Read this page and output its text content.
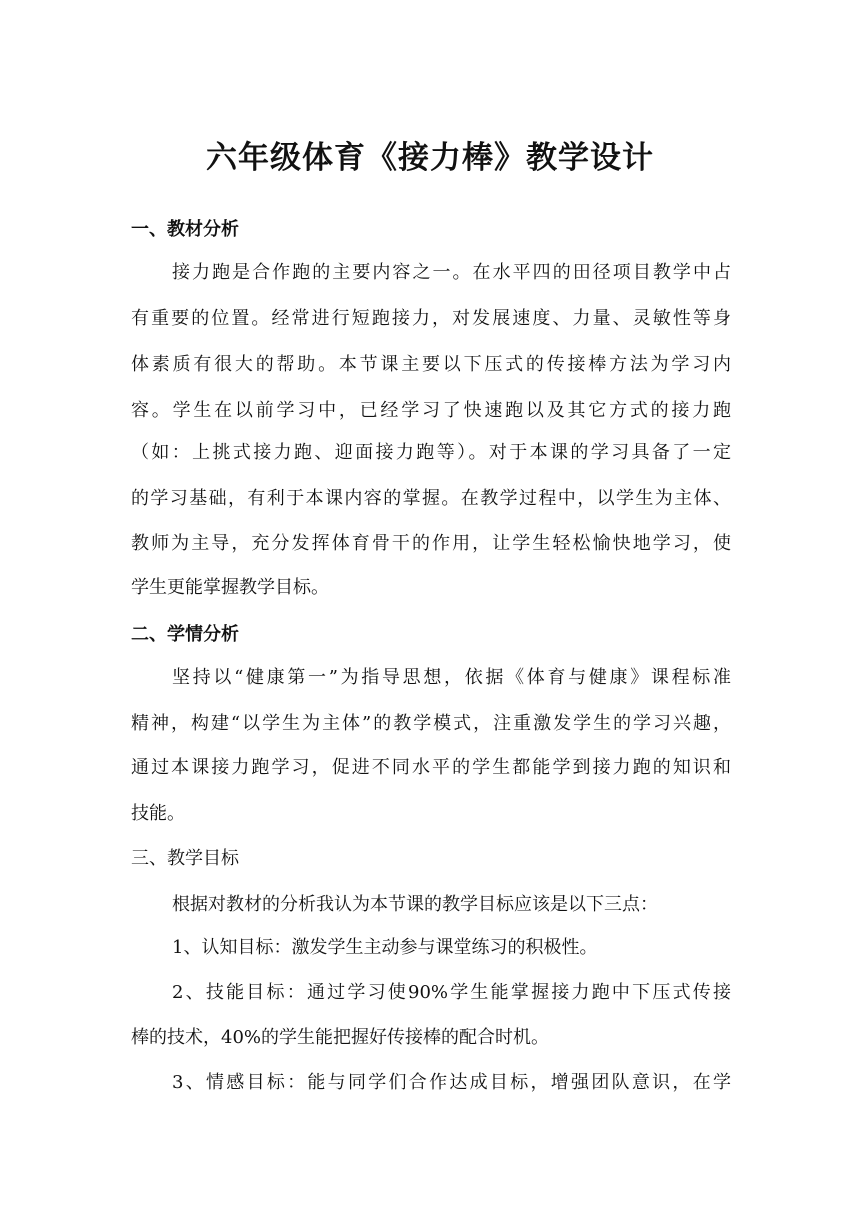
六年级体育《接力棒》教学设计
一、教材分析
接力跑是合作跑的主要内容之一。在水平四的田径项目教学中占
有重要的位置。经常进行短跑接力，对发展速度、力量、灵敏性等身
体素质有很大的帮助。本节课主要以下压式的传接棒方法为学习内
容。学生在以前学习中，已经学习了快速跑以及其它方式的接力跑
（如：上挑式接力跑、迎面接力跑等）。对于本课的学习具备了一定
的学习基础，有利于本课内容的掌握。在教学过程中，以学生为主体、
教师为主导，充分发挥体育骨干的作用，让学生轻松愉快地学习，使
学生更能掌握教学目标。
二、学情分析
坚持以“健康第一”为指导思想，依据《体育与健康》课程标准
精神，构建“以学生为主体”的教学模式，注重激发学生的学习兴趣，
通过本课接力跑学习，促进不同水平的学生都能学到接力跑的知识和
技能。
三、教学目标
根据对教材的分析我认为本节课的教学目标应该是以下三点：
1、认知目标：激发学生主动参与课堂练习的积极性。
2、技能目标：通过学习使90%学生能掌握接力跑中下压式传接
棒的技术，40%的学生能把握好传接棒的配合时机。
3、情感目标：能与同学们合作达成目标，增强团队意识，在学
